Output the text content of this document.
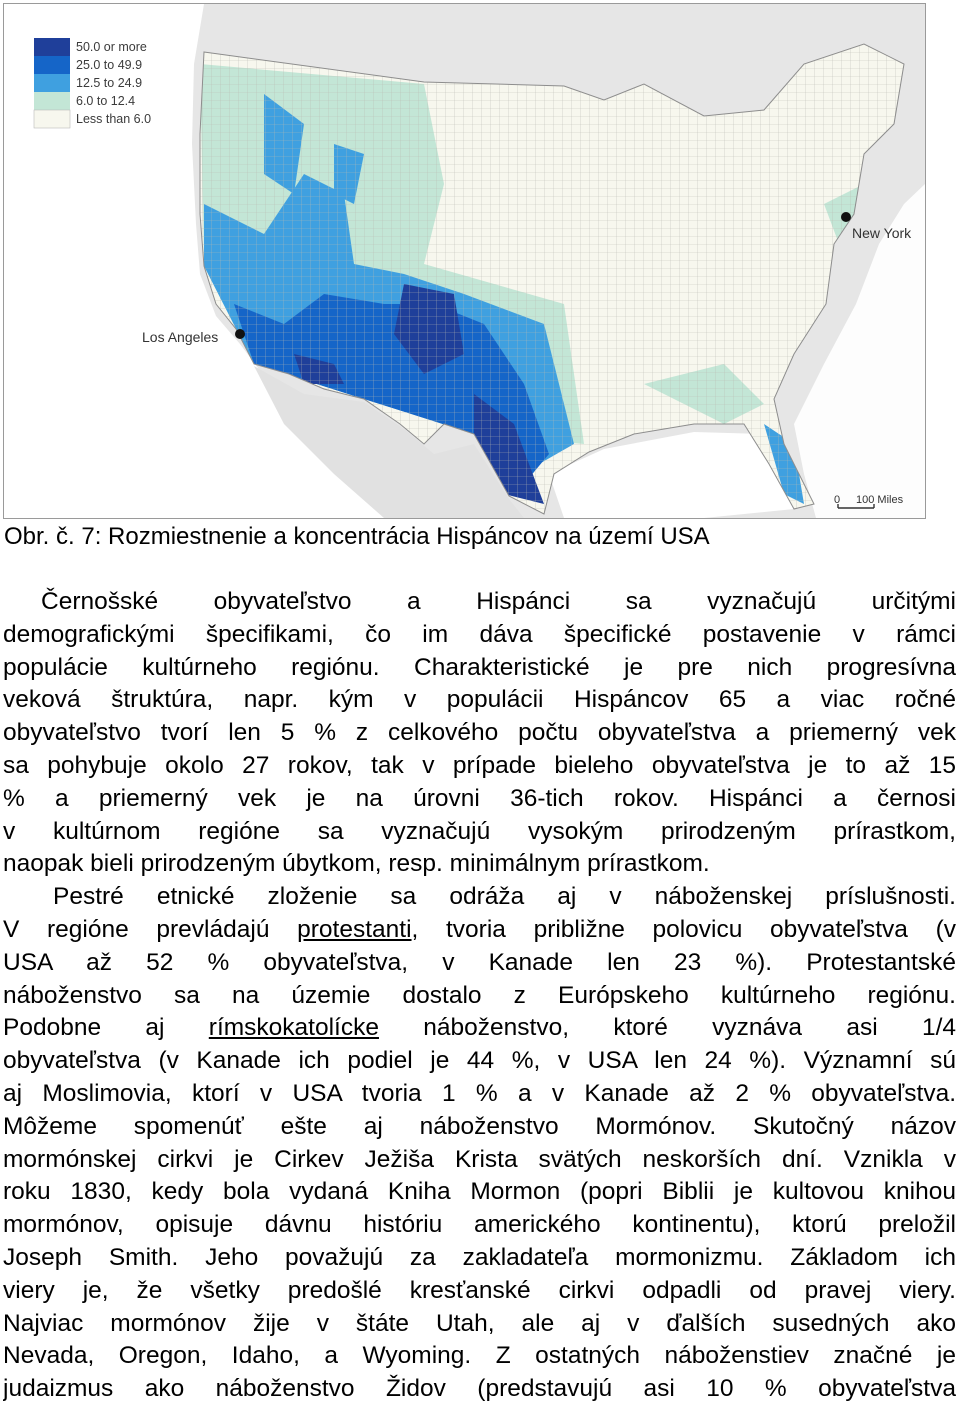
50.0 or more
25.0 to 49.9
12.5 to 24.9
6.0 to 12.4
Less than 6.0
New York
Los Angeles
0 100 Miles
Obr. č. 7: Rozmiestnenie a koncentrácia Hispáncov na území USA
Černošské obyvateľstvo a Hispánci sa vyznačujú určitými
demografickými špecifikami, čo im dáva špecifické postavenie v rámci
populácie kultúrneho regiónu. Charakteristické je pre nich progresívna
veková štruktúra, napr. kým v populácii Hispáncov 65 a viac ročné
obyvateľstvo tvorí len 5 % z celkového počtu obyvateľstva a priemerný vek
sa pohybuje okolo 27 rokov, tak v prípade bieleho obyvateľstva je to až 15
% a priemerný vek je na úrovni 36-tich rokov. Hispánci a černosi
v kultúrnom regióne sa vyznačujú vysokým prirodzeným prírastkom,
naopak bieli prirodzeným úbytkom, resp. minimálnym prírastkom.
Pestré etnické zloženie sa odráža aj v náboženskej príslušnosti.
V regióne prevládajú protestanti, tvoria približne polovicu obyvateľstva (v
USA až 52 % obyvateľstva, v Kanade len 23 %). Protestantské
náboženstvo sa na územie dostalo z Európskeho kultúrneho regiónu.
Podobne aj rímskokatolícke náboženstvo, ktoré vyznáva asi 1/4
obyvateľstva (v Kanade ich podiel je 44 %, v USA len 24 %). Významní sú
aj Moslimovia, ktorí v USA tvoria 1 % a v Kanade až 2 % obyvateľstva.
Môžeme spomenúť ešte aj náboženstvo Mormónov. Skutočný názov
mormónskej cirkvi je Cirkev Ježiša Krista svätých neskorších dní. Vznikla v
roku 1830, kedy bola vydaná Kniha Mormon (popri Biblii je kultovou knihou
mormónov, opisuje dávnu históriu amerického kontinentu), ktorú preložil
Joseph Smith. Jeho považujú za zakladateľa mormonizmu. Základom ich
viery je, že všetky predošlé kresťanské cirkvi odpadli od pravej viery.
Najviac mormónov žije v štáte Utah, ale aj v ďalších susedných ako
Nevada, Oregon, Idaho, a Wyoming. Z ostatných náboženstiev značné je
judaizmus ako náboženstvo Židov (predstavujú asi 10 % obyvateľstva
